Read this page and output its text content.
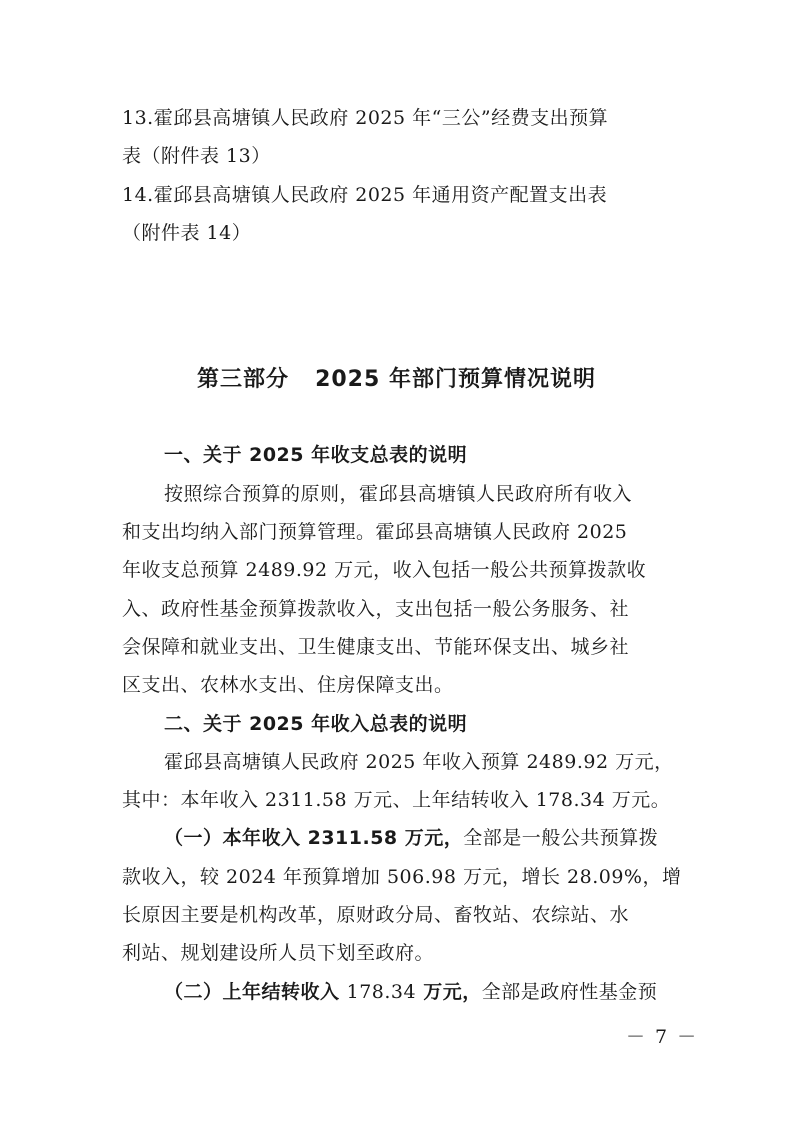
13.霍邱县高塘镇人民政府 2025 年“三公”经费支出预算
表（附件表 13）
14.霍邱县高塘镇人民政府 2025 年通用资产配置支出表
（附件表 14）
第三部分 2025 年部门预算情况说明
一、关于 2025 年收支总表的说明
按照综合预算的原则，霍邱县高塘镇人民政府所有收入
和支出均纳入部门预算管理。霍邱县高塘镇人民政府 2025
年收支总预算 2489.92 万元，收入包括一般公共预算拨款收
入、政府性基金预算拨款收入，支出包括一般公务服务、社
会保障和就业支出、卫生健康支出、节能环保支出、城乡社
区支出、农林水支出、住房保障支出。
二、关于 2025 年收入总表的说明
霍邱县高塘镇人民政府 2025 年收入预算 2489.92 万元，
其中：本年收入 2311.58 万元、上年结转收入 178.34 万元。
（一）本年收入 2311.58 万元，全部是一般公共预算拨
款收入，较 2024 年预算增加 506.98 万元，增长 28.09%，增
长原因主要是机构改革，原财政分局、畜牧站、农综站、水
利站、规划建设所人员下划至政府。
（二）上年结转收入 178.34 万元，全部是政府性基金预
－ 7 －
